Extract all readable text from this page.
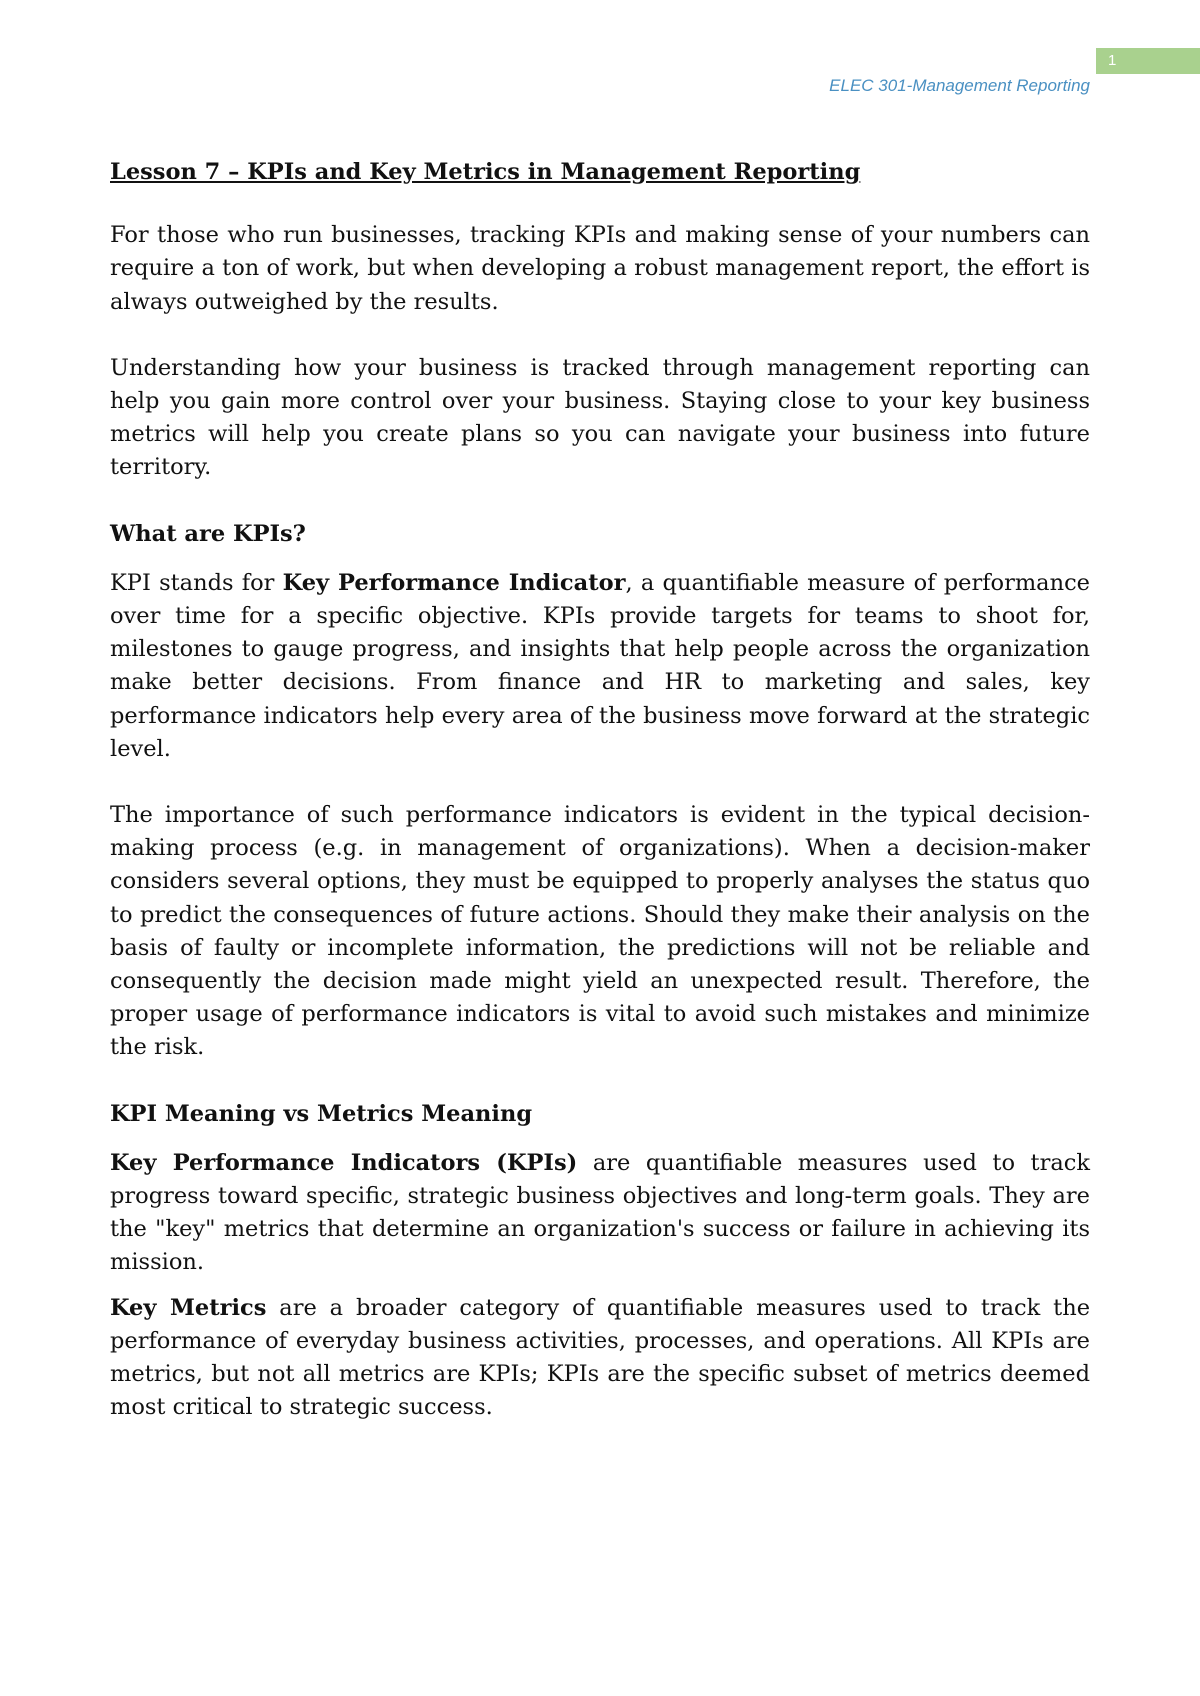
1
ELEC 301-Management Reporting
Lesson 7 – KPIs and Key Metrics in Management Reporting

For those who run businesses, tracking KPIs and making sense of your numbers can require a ton of work, but when developing a robust management report, the effort is always outweighed by the results.

Understanding how your business is tracked through management reporting can help you gain more control over your business. Staying close to your key business metrics will help you create plans so you can navigate your business into future territory.

What are KPIs?

KPI stands for Key Performance Indicator, a quantifiable measure of performance over time for a specific objective. KPIs provide targets for teams to shoot for, milestones to gauge progress, and insights that help people across the organization make better decisions. From finance and HR to marketing and sales, key performance indicators help every area of the business move forward at the strategic level.

The importance of such performance indicators is evident in the typical decision-making process (e.g. in management of organizations). When a decision-maker considers several options, they must be equipped to properly analyses the status quo to predict the consequences of future actions. Should they make their analysis on the basis of faulty or incomplete information, the predictions will not be reliable and consequently the decision made might yield an unexpected result. Therefore, the proper usage of performance indicators is vital to avoid such mistakes and minimize the risk.

KPI Meaning vs Metrics Meaning

Key Performance Indicators (KPIs) are quantifiable measures used to track progress toward specific, strategic business objectives and long-term goals. They are the "key" metrics that determine an organization's success or failure in achieving its mission.

Key Metrics are a broader category of quantifiable measures used to track the performance of everyday business activities, processes, and operations. All KPIs are metrics, but not all metrics are KPIs; KPIs are the specific subset of metrics deemed most critical to strategic success.
